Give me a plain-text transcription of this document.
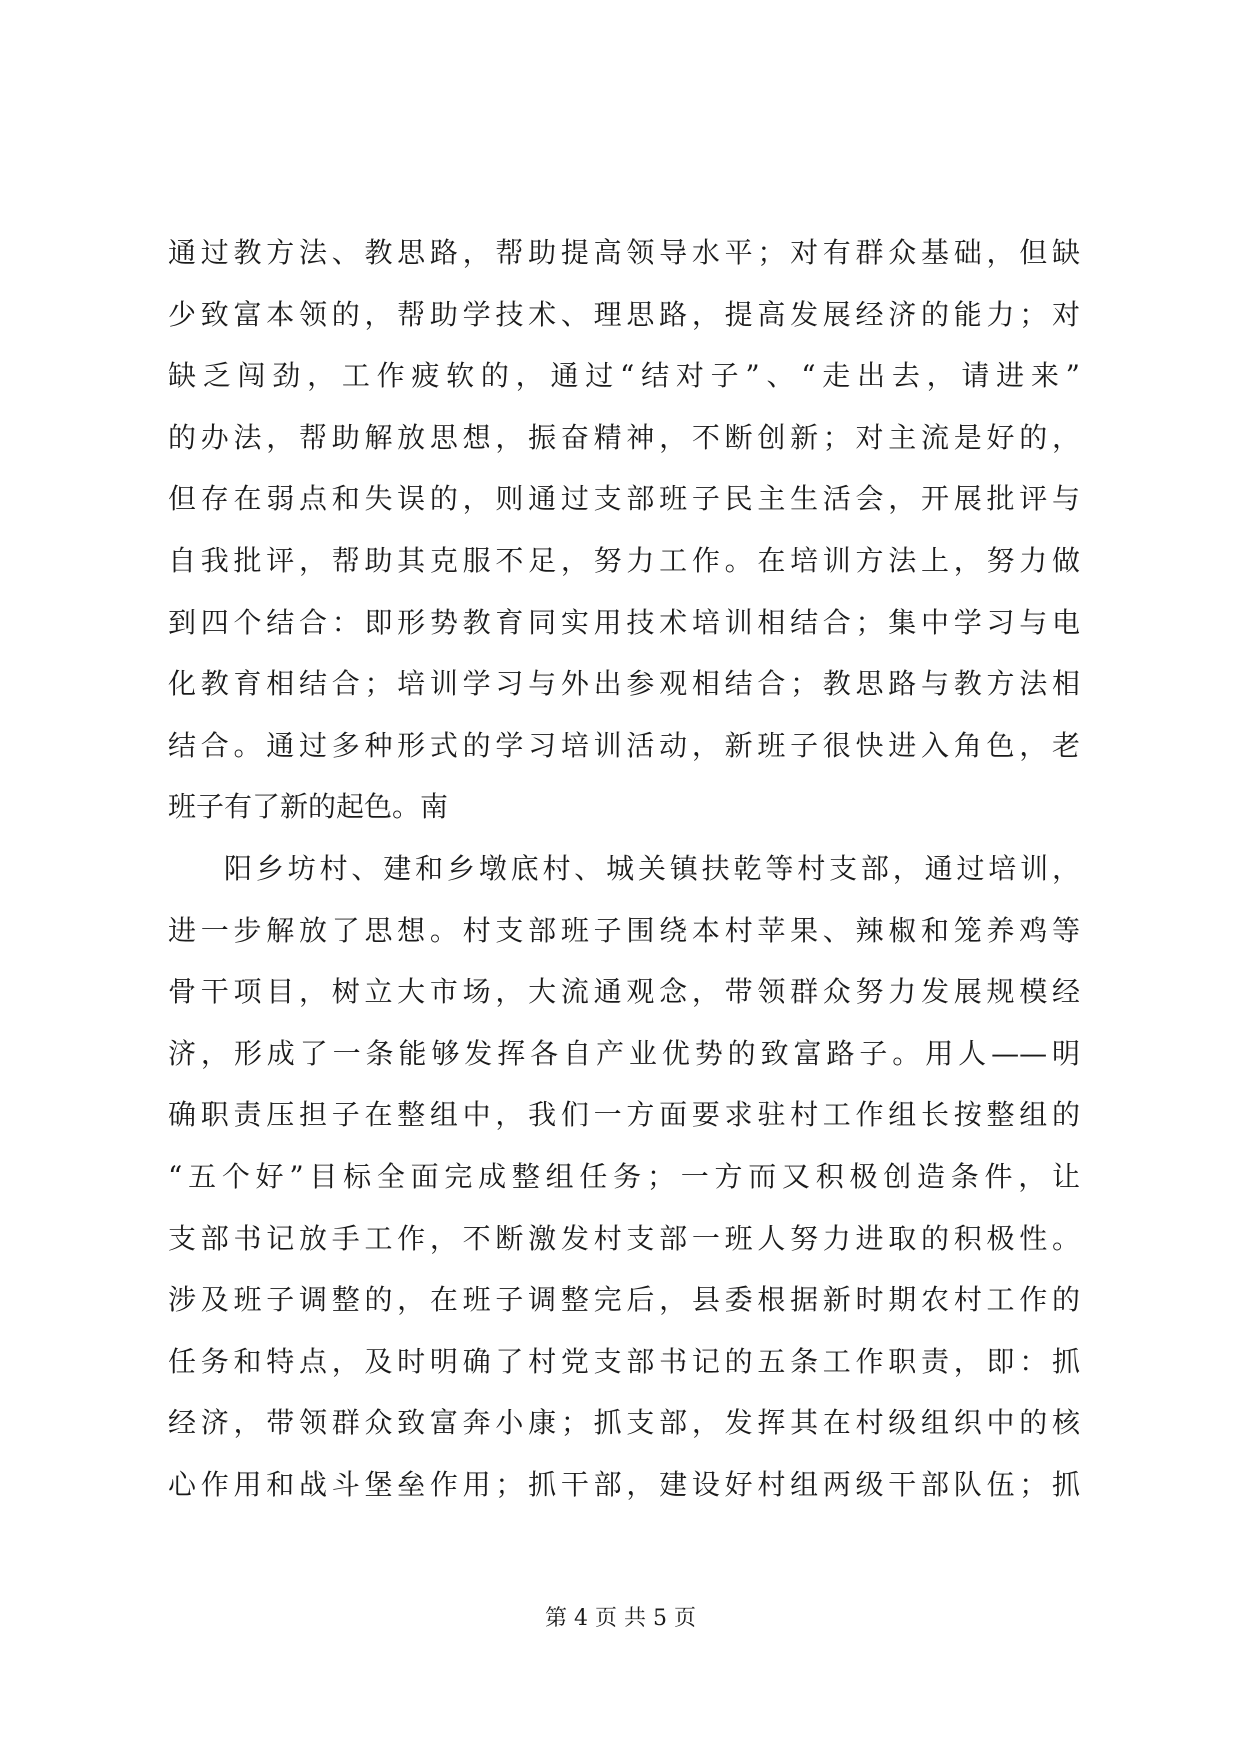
通过教方法、教思路，帮助提高领导水平；对有群众基础，但缺
少致富本领的，帮助学技术、理思路，提高发展经济的能力；对
缺乏闯劲，工作疲软的，通过“结对子”、“走出去，请进来”
的办法，帮助解放思想，振奋精神，不断创新；对主流是好的，
但存在弱点和失误的，则通过支部班子民主生活会，开展批评与
自我批评，帮助其克服不足，努力工作。在培训方法上，努力做
到四个结合：即形势教育同实用技术培训相结合；集中学习与电
化教育相结合；培训学习与外出参观相结合；教思路与教方法相
结合。通过多种形式的学习培训活动，新班子很快进入角色，老
班子有了新的起色。南
阳乡坊村、建和乡墩底村、城关镇扶乾等村支部，通过培训，
进一步解放了思想。村支部班子围绕本村苹果、辣椒和笼养鸡等
骨干项目，树立大市场，大流通观念，带领群众努力发展规模经
济，形成了一条能够发挥各自产业优势的致富路子。用人——明
确职责压担子在整组中，我们一方面要求驻村工作组长按整组的
“五个好”目标全面完成整组任务；一方而又积极创造条件，让
支部书记放手工作，不断激发村支部一班人努力进取的积极性。
涉及班子调整的，在班子调整完后，县委根据新时期农村工作的
任务和特点，及时明确了村党支部书记的五条工作职责，即：抓
经济，带领群众致富奔小康；抓支部，发挥其在村级组织中的核
心作用和战斗堡垒作用；抓干部，建设好村组两级干部队伍；抓
第 4 页 共 5 页
